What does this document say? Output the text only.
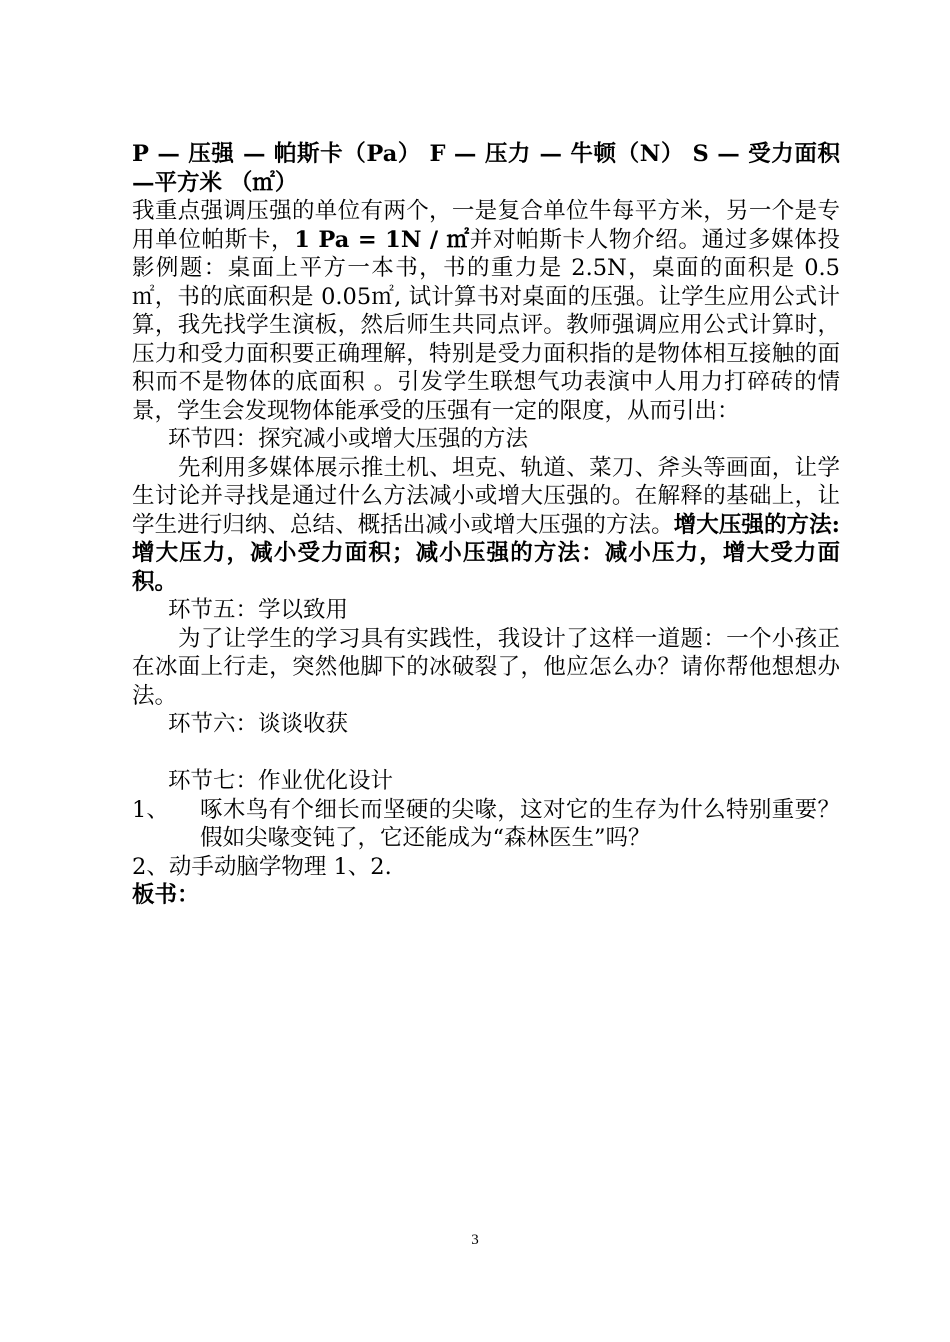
P — 压强 — 帕斯卡（Pa） F — 压力 — 牛顿（N） S — 受力面积 —平方米 （㎡）

我重点强调压强的单位有两个，一是复合单位牛每平方米，另一个是专用单位帕斯卡，1 Pa = 1N / ㎡并对帕斯卡人物介绍。通过多媒体投影例题：桌面上平方一本书，书的重力是 2.5N，桌面的面积是 0.5㎡，书的底面积是 0.05㎡, 试计算书对桌面的压强。让学生应用公式计算，我先找学生演板，然后师生共同点评。教师强调应用公式计算时，压力和受力面积要正确理解，特别是受力面积指的是物体相互接触的面积而不是物体的底面积 。引发学生联想气功表演中人用力打碎砖的情景，学生会发现物体能承受的压强有一定的限度，从而引出：

环节四：探究减小或增大压强的方法

先利用多媒体展示推土机、坦克、轨道、菜刀、斧头等画面，让学生讨论并寻找是通过什么方法减小或增大压强的。在解释的基础上，让学生进行归纳、总结、概括出减小或增大压强的方法。增大压强的方法:增大压力，减小受力面积；减小压强的方法：减小压力，增大受力面积。

环节五：学以致用

为了让学生的学习具有实践性，我设计了这样一道题：一个小孩正在冰面上行走，突然他脚下的冰破裂了，他应怎么办？请你帮他想想办法。

环节六：谈谈收获

环节七：作业优化设计

1、 啄木鸟有个细长而坚硬的尖喙，这对它的生存为什么特别重要？假如尖喙变钝了，它还能成为“森林医生”吗？

2、动手动脑学物理 1、2.

板书：

3
